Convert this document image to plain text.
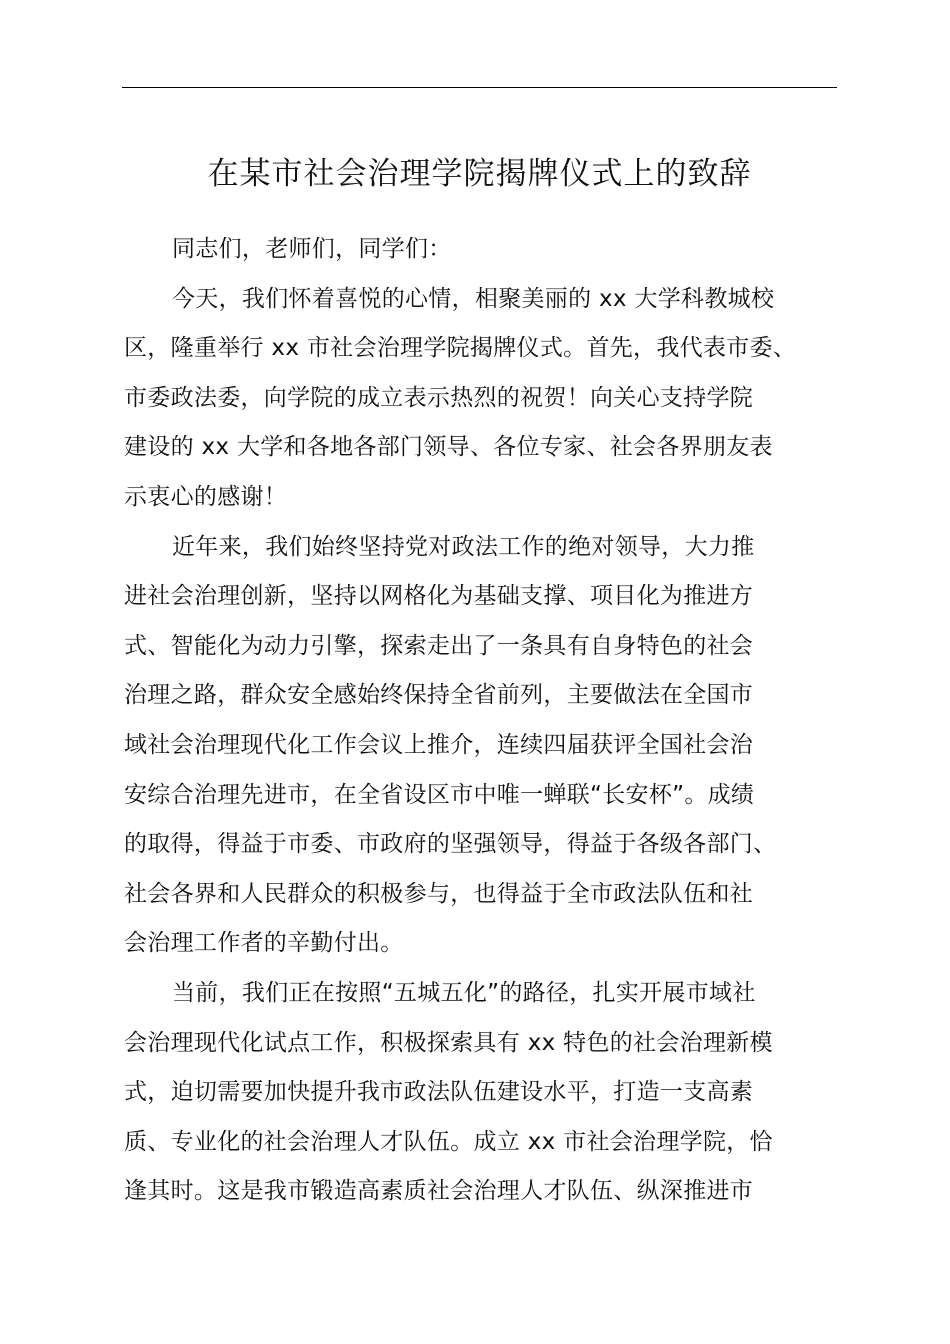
在某市社会治理学院揭牌仪式上的致辞

同志们，老师们，同学们：

今天，我们怀着喜悦的心情，相聚美丽的 xx 大学科教城校
区，隆重举行 xx 市社会治理学院揭牌仪式。首先，我代表市委、
市委政法委，向学院的成立表示热烈的祝贺！向关心支持学院
建设的 xx 大学和各地各部门领导、各位专家、社会各界朋友表
示衷心的感谢！

近年来，我们始终坚持党对政法工作的绝对领导，大力推
进社会治理创新，坚持以网格化为基础支撑、项目化为推进方
式、智能化为动力引擎，探索走出了一条具有自身特色的社会
治理之路，群众安全感始终保持全省前列，主要做法在全国市
域社会治理现代化工作会议上推介，连续四届获评全国社会治
安综合治理先进市，在全省设区市中唯一蝉联“长安杯”。成绩
的取得，得益于市委、市政府的坚强领导，得益于各级各部门、
社会各界和人民群众的积极参与，也得益于全市政法队伍和社
会治理工作者的辛勤付出。

当前，我们正在按照“五城五化”的路径，扎实开展市域社
会治理现代化试点工作，积极探索具有 xx 特色的社会治理新模
式，迫切需要加快提升我市政法队伍建设水平，打造一支高素
质、专业化的社会治理人才队伍。成立 xx 市社会治理学院，恰
逢其时。这是我市锻造高素质社会治理人才队伍、纵深推进市
